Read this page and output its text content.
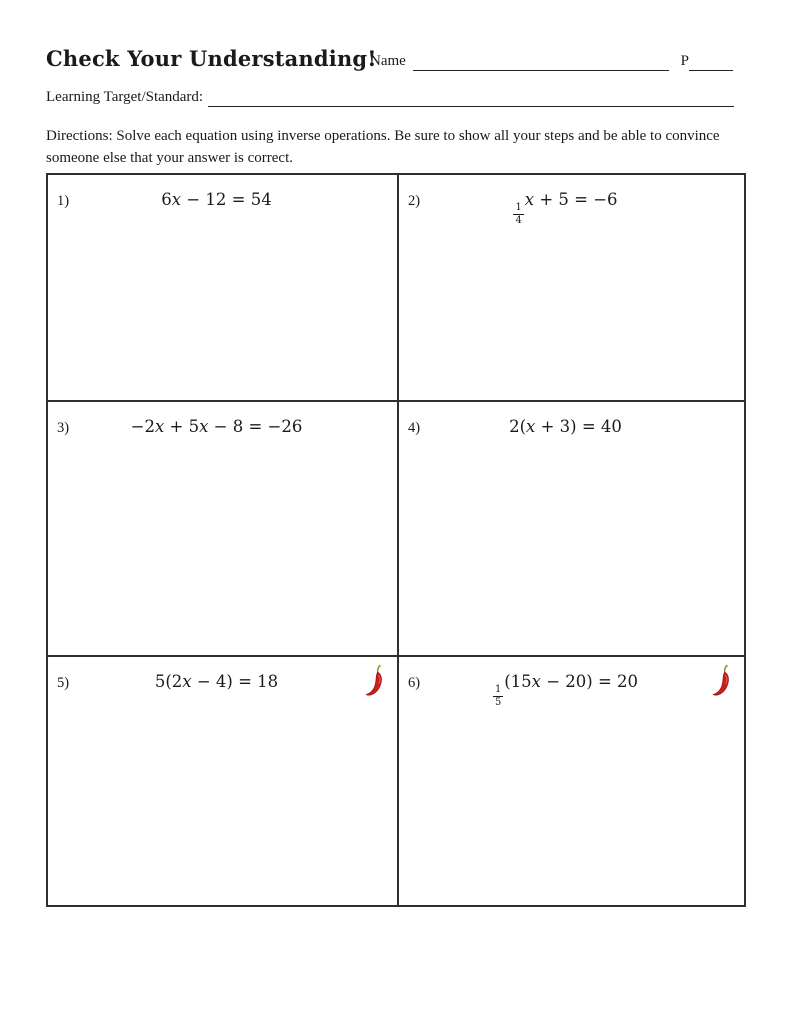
Check Your Understanding!
Name	P
Learning Target/Standard:
Directions: Solve each equation using inverse operations. Be sure to show all your steps and be able to convince someone else that your answer is correct.
1)	6x − 12 = 54	2)
$\frac{1}{4}$
x + 5 = −6
3)	−2x + 5x − 8 = −26	4)	2(x + 3) = 40
5)	5(2x − 4) = 18	6)
$\frac{1}{5}$
(15x − 20) = 20
